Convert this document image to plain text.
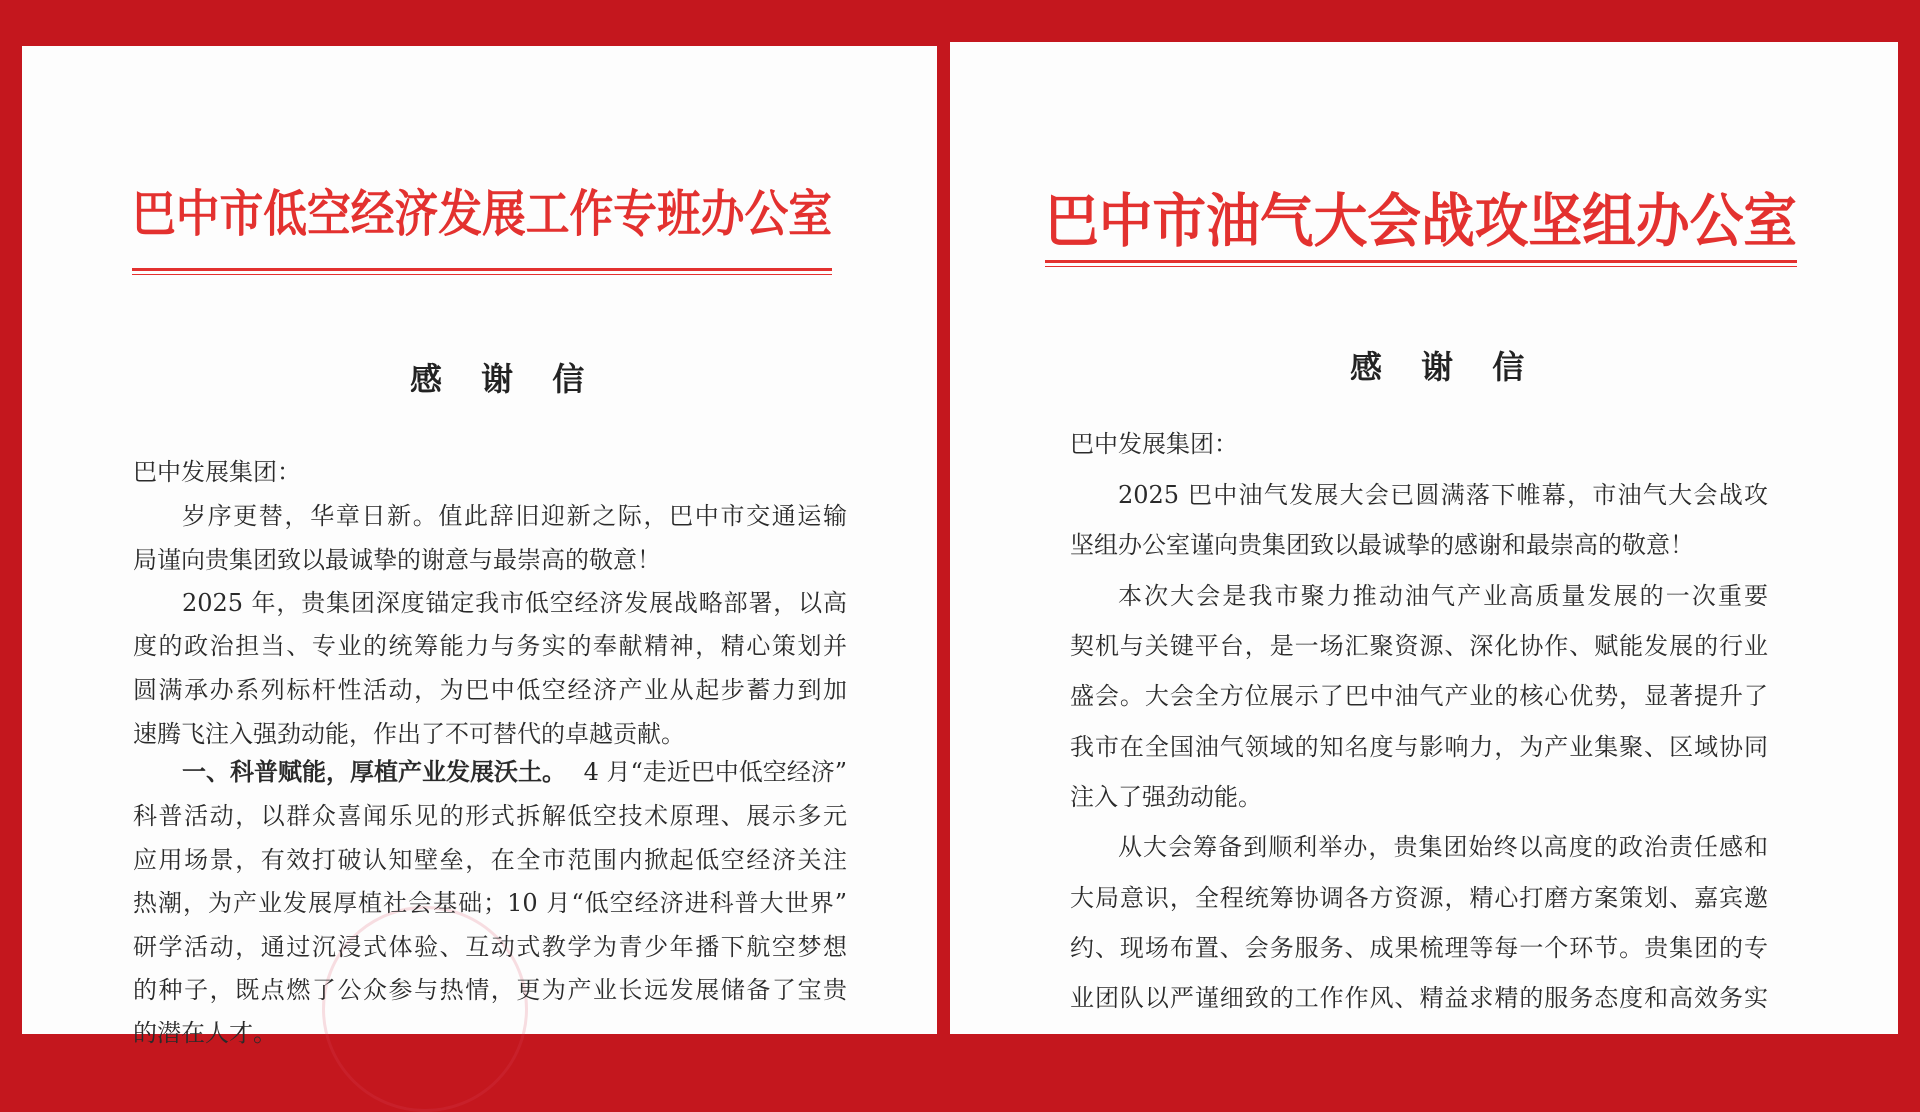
巴中市低空经济发展工作专班办公室
感 谢 信
巴中发展集团：
岁序更替，华章日新。值此辞旧迎新之际，巴中市交通运输
局谨向贵集团致以最诚挚的谢意与最崇高的敬意！
2025 年，贵集团深度锚定我市低空经济发展战略部署，以高
度的政治担当、专业的统筹能力与务实的奉献精神，精心策划并
圆满承办系列标杆性活动，为巴中低空经济产业从起步蓄力到加
速腾飞注入强劲动能，作出了不可替代的卓越贡献。
一、科普赋能，厚植产业发展沃土。 4 月“走近巴中低空经济”
科普活动，以群众喜闻乐见的形式拆解低空技术原理、展示多元
应用场景，有效打破认知壁垒，在全市范围内掀起低空经济关注
热潮，为产业发展厚植社会基础；10 月“低空经济进科普大世界”
研学活动，通过沉浸式体验、互动式教学为青少年播下航空梦想
的种子，既点燃了公众参与热情，更为产业长远发展储备了宝贵
的潜在人才。
巴中市油气大会战攻坚组办公室
感 谢 信
巴中发展集团：
2025 巴中油气发展大会已圆满落下帷幕，市油气大会战攻
坚组办公室谨向贵集团致以最诚挚的感谢和最崇高的敬意！
本次大会是我市聚力推动油气产业高质量发展的一次重要
契机与关键平台，是一场汇聚资源、深化协作、赋能发展的行业
盛会。大会全方位展示了巴中油气产业的核心优势，显著提升了
我市在全国油气领域的知名度与影响力，为产业集聚、区域协同
注入了强劲动能。
从大会筹备到顺利举办，贵集团始终以高度的政治责任感和
大局意识，全程统筹协调各方资源，精心打磨方案策划、嘉宾邀
约、现场布置、会务服务、成果梳理等每一个环节。贵集团的专
业团队以严谨细致的工作作风、精益求精的服务态度和高效务实
